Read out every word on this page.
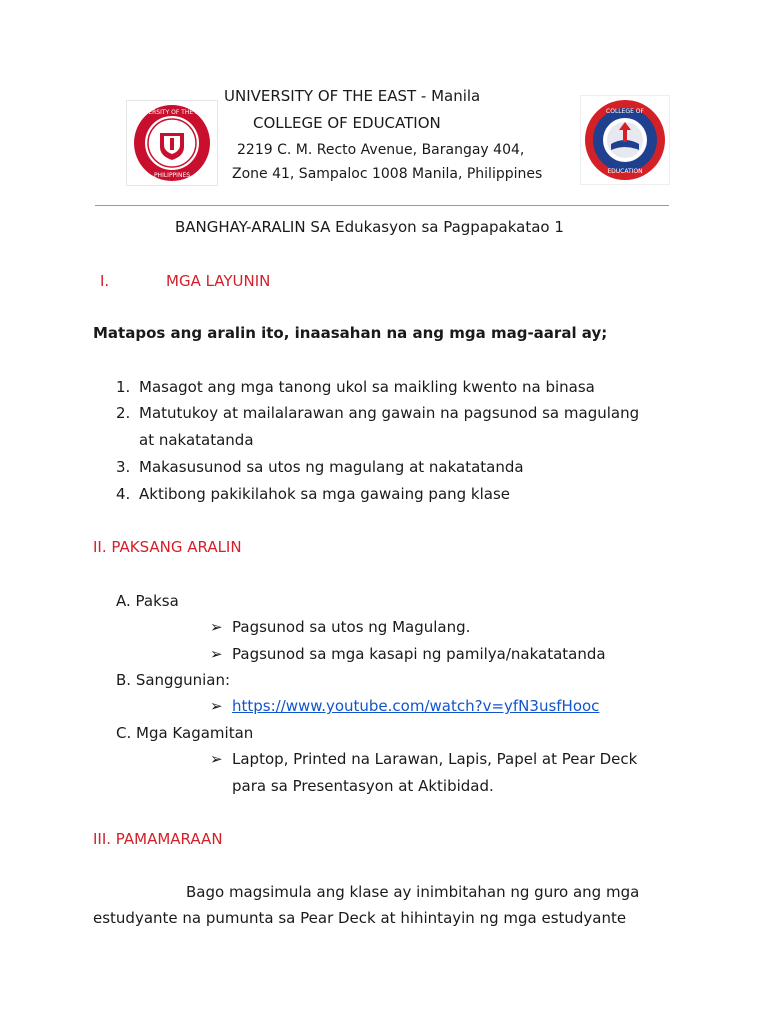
UNIVERSITY OF THE EAST
PHILIPPINES
COLLEGE OF
EDUCATION
UNIVERSITY OF THE EAST - Manila
COLLEGE OF EDUCATION
2219 C. M. Recto Avenue, Barangay 404,
Zone 41, Sampaloc 1008 Manila, Philippines
BANGHAY-ARALIN SA Edukasyon sa Pagpapakatao 1
I.	MGA LAYUNIN
Matapos ang aralin ito, inaasahan na ang mga mag-aaral ay;
1. Masagot ang mga tanong ukol sa maikling kwento na binasa
2. Matutukoy at mailalarawan ang gawain na pagsunod sa magulang
at nakatatanda
3. Makasusunod sa utos ng magulang at nakatatanda
4. Aktibong pakikilahok sa mga gawaing pang klase
II. PAKSANG ARALIN
A. Paksa
➢ Pagsunod sa utos ng Magulang.
➢ Pagsunod sa mga kasapi ng pamilya/nakatatanda
B. Sanggunian:
➢ https://www.youtube.com/watch?v=yfN3usfHooc
C. Mga Kagamitan
➢ Laptop, Printed na Larawan, Lapis, Papel at Pear Deck
para sa Presentasyon at Aktibidad.
III. PAMAMARAAN
Bago magsimula ang klase ay inimbitahan ng guro ang mga
estudyante na pumunta sa Pear Deck at hihintayin ng mga estudyante
